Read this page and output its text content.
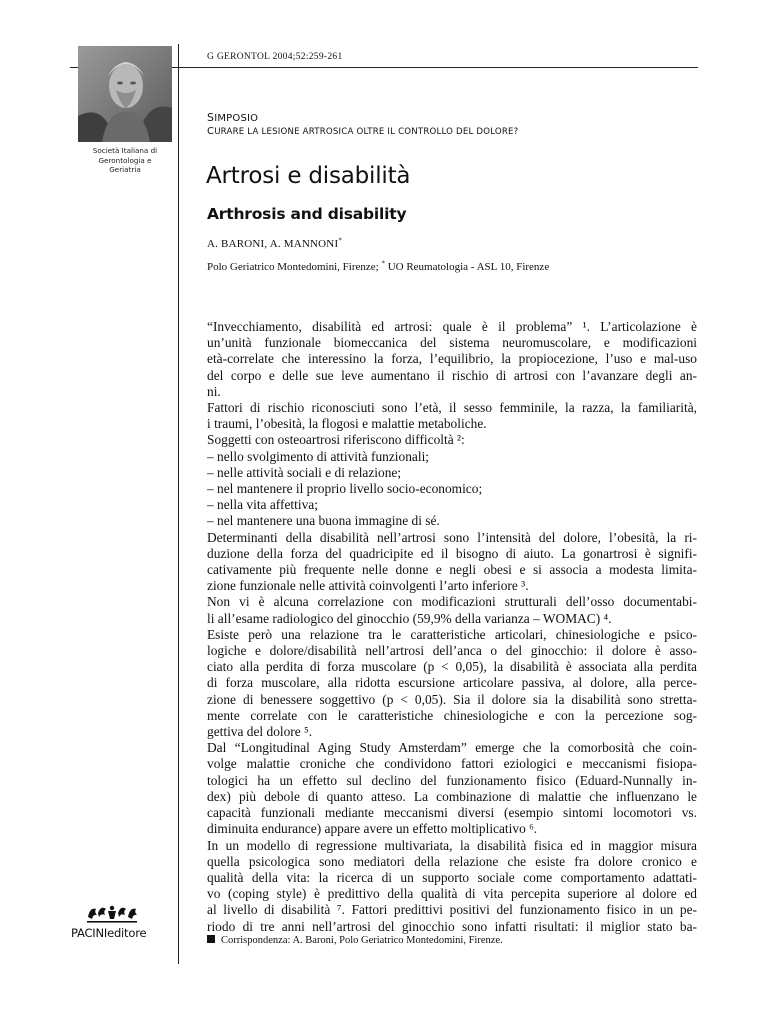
G GERONTOL 2004;52:259-261
Società Italiana di
Gerontologia e
Geriatria
SIMPOSIO
CURARE LA LESIONE ARTROSICA OLTRE IL CONTROLLO DEL DOLORE?
Artrosi e disabilità
Arthrosis and disability
A. BARONI, A. MANNONI*
Polo Geriatrico Montedomini, Firenze; * UO Reumatologia - ASL 10, Firenze
“Invecchiamento, disabilità ed artrosi: quale è il problema” ¹. L’articolazione è
un’unità funzionale biomeccanica del sistema neuromuscolare, e modificazioni
età-correlate che interessino la forza, l’equilibrio, la propiocezione, l’uso e mal-uso
del corpo e delle sue leve aumentano il rischio di artrosi con l’avanzare degli an-
ni.
Fattori di rischio riconosciuti sono l’età, il sesso femminile, la razza, la familiarità,
i traumi, l’obesità, la flogosi e malattie metaboliche.
Soggetti con osteoartrosi riferiscono difficoltà ²:
– nello svolgimento di attività funzionali;
– nelle attività sociali e di relazione;
– nel mantenere il proprio livello socio-economico;
– nella vita affettiva;
– nel mantenere una buona immagine di sé.
Determinanti della disabilità nell’artrosi sono l’intensità del dolore, l’obesità, la ri-
duzione della forza del quadricipite ed il bisogno di aiuto. La gonartrosi è signifi-
cativamente più frequente nelle donne e negli obesi e si associa a modesta limita-
zione funzionale nelle attività coinvolgenti l’arto inferiore ³.
Non vi è alcuna correlazione con modificazioni strutturali dell’osso documentabi-
li all’esame radiologico del ginocchio (59,9% della varianza – WOMAC) ⁴.
Esiste però una relazione tra le caratteristiche articolari, chinesiologiche e psico-
logiche e dolore/disabilità nell’artrosi dell’anca o del ginocchio: il dolore è asso-
ciato alla perdita di forza muscolare (p < 0,05), la disabilità è associata alla perdita
di forza muscolare, alla ridotta escursione articolare passiva, al dolore, alla perce-
zione di benessere soggettivo (p < 0,05). Sia il dolore sia la disabilità sono stretta-
mente correlate con le caratteristiche chinesiologiche e con la percezione sog-
gettiva del dolore ⁵.
Dal “Longitudinal Aging Study Amsterdam” emerge che la comorbosità che coin-
volge malattie croniche che condividono fattori eziologici e meccanismi fisiopa-
tologici ha un effetto sul declino del funzionamento fisico (Eduard-Nunnally in-
dex) più debole di quanto atteso. La combinazione di malattie che influenzano le
capacità funzionali mediante meccanismi diversi (esempio sintomi locomotori vs.
diminuita endurance) appare avere un effetto moltiplicativo ⁶.
In un modello di regressione multivariata, la disabilità fisica ed in maggior misura
quella psicologica sono mediatori della relazione che esiste fra dolore cronico e
qualità della vita: la ricerca di un supporto sociale come comportamento adattati-
vo (coping style) è predittivo della qualità di vita percepita superiore al dolore ed
al livello di disabilità ⁷. Fattori predittivi positivi del funzionamento fisico in un pe-
riodo di tre anni nell’artrosi del ginocchio sono infatti risultati: il miglior stato ba-
PACINIeditore
Corrispondenza: A. Baroni, Polo Geriatrico Montedomini, Firenze.
